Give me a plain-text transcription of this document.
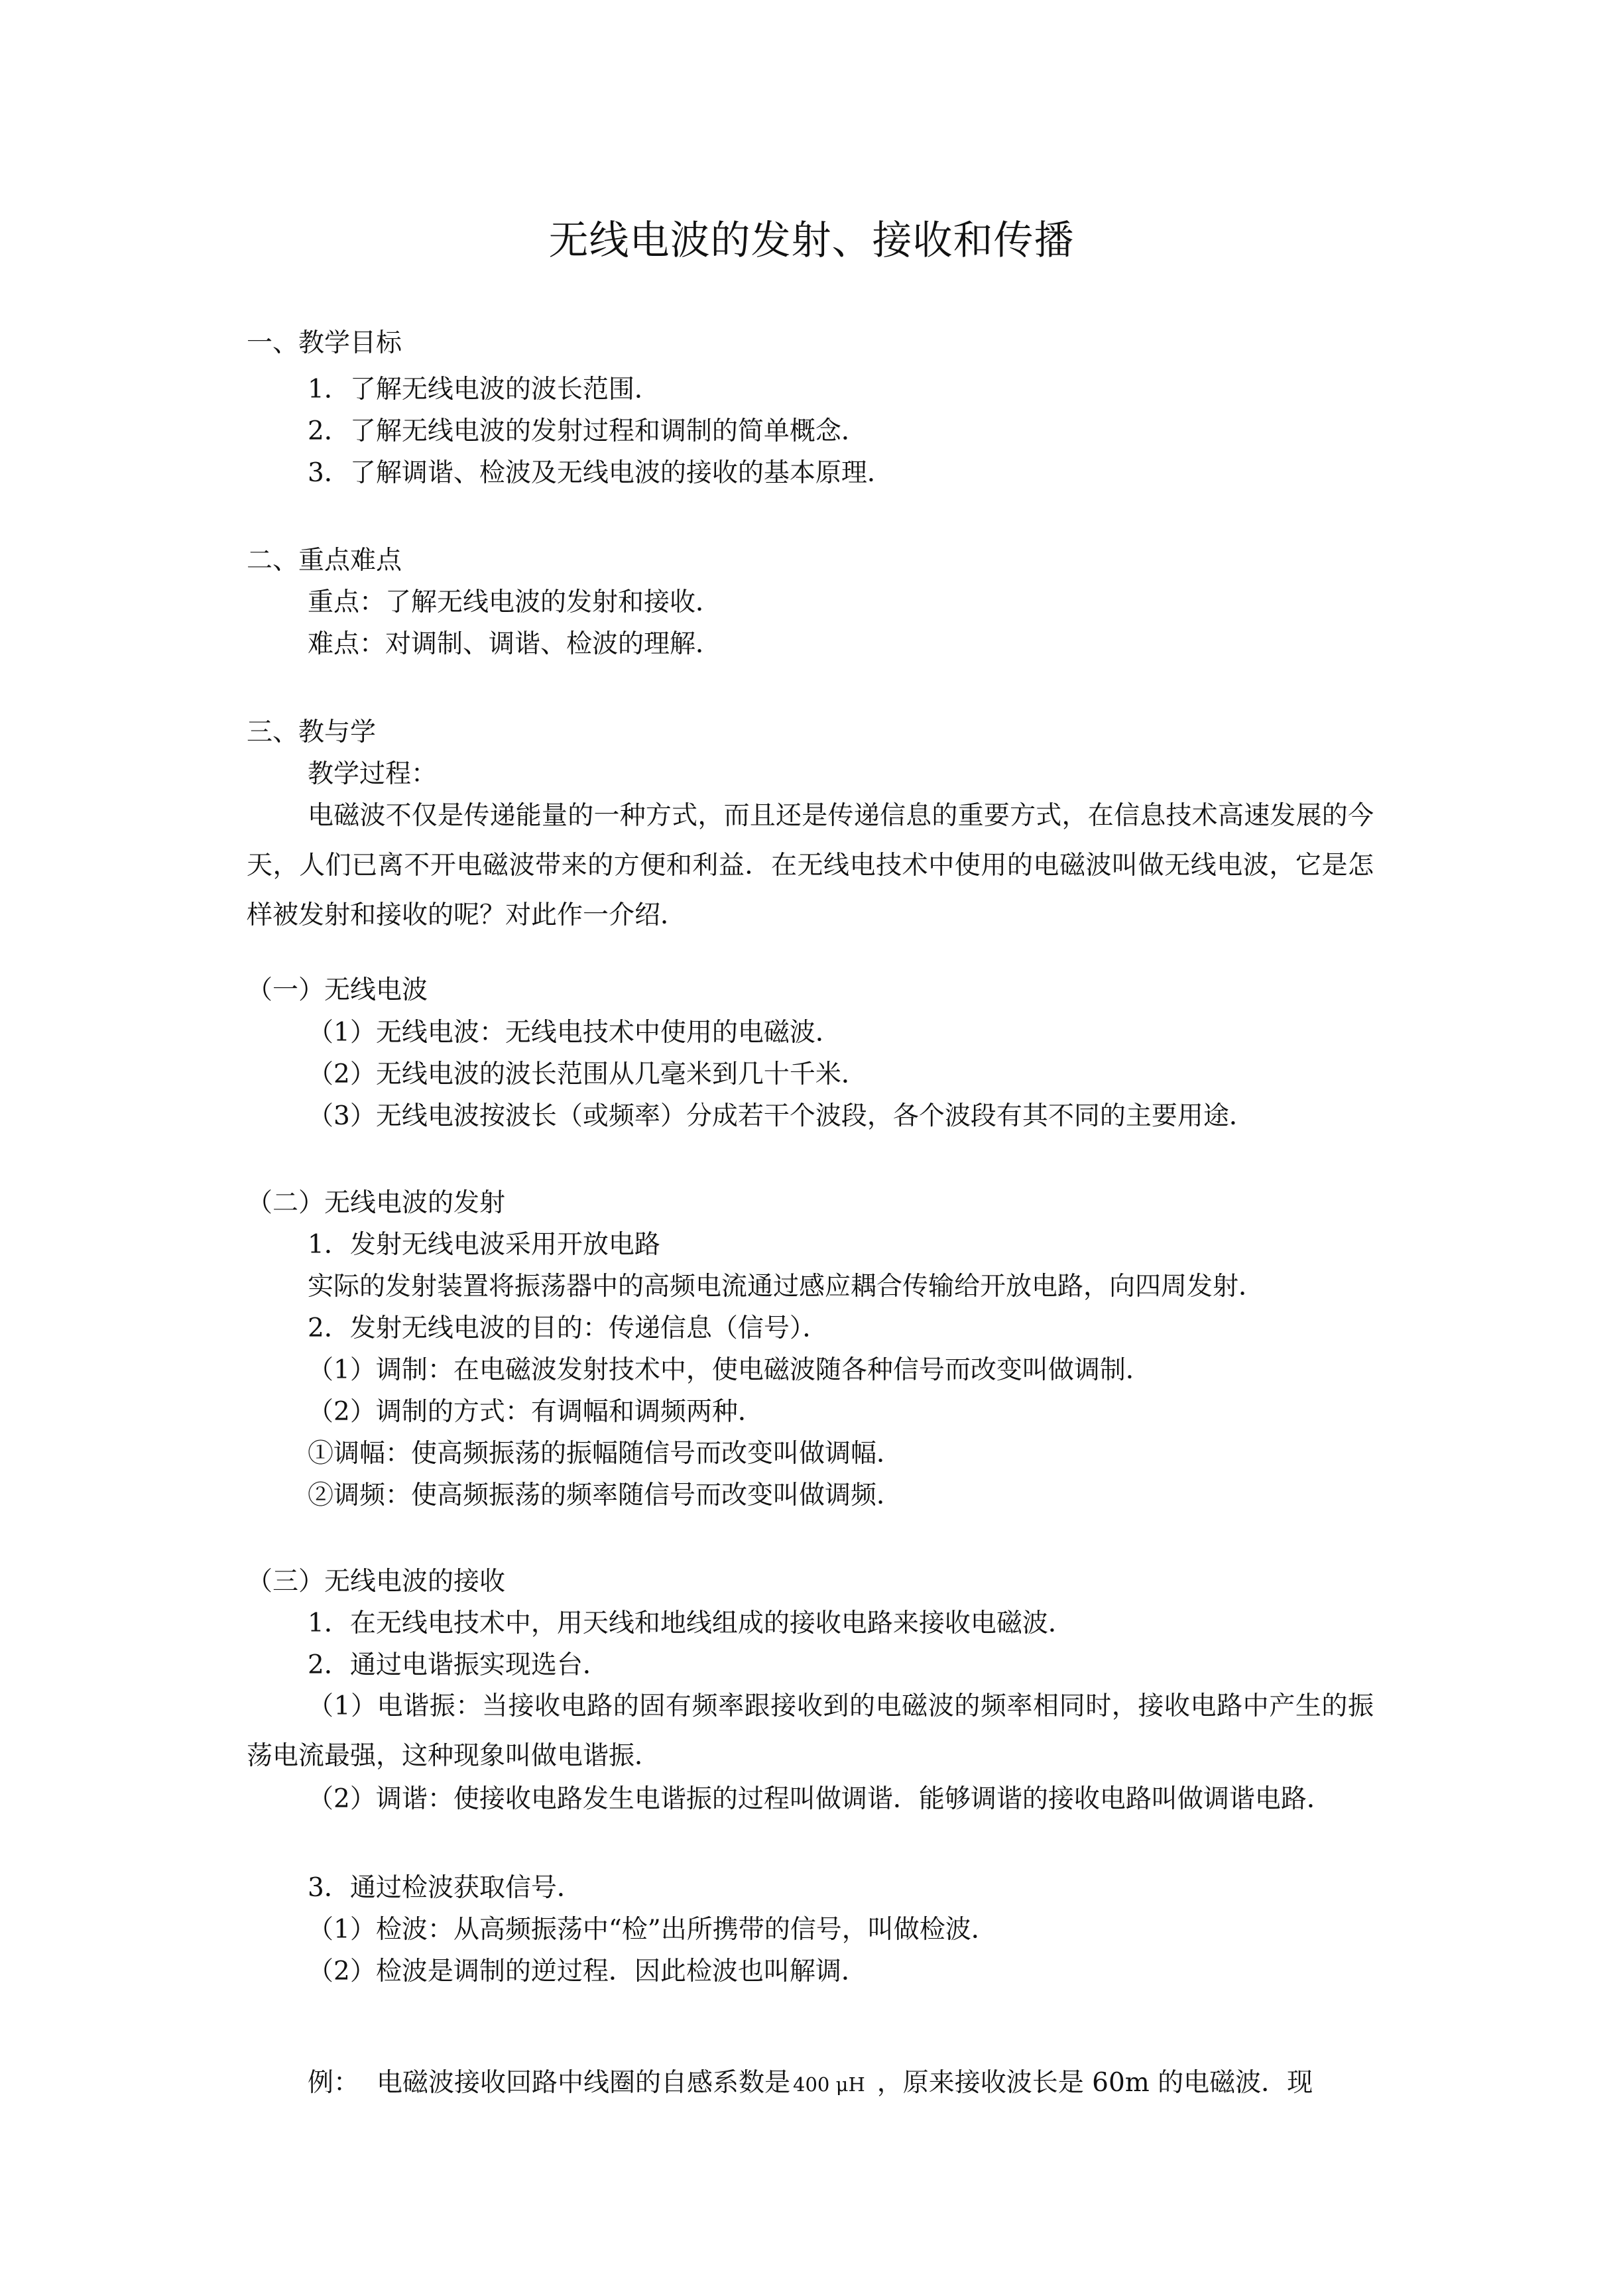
无线电波的发射、接收和传播
一、教学目标
1．了解无线电波的波长范围．
2．了解无线电波的发射过程和调制的简单概念．
3．了解调谐、检波及无线电波的接收的基本原理．
二、重点难点
重点：了解无线电波的发射和接收．
难点：对调制、调谐、检波的理解．
三、教与学
教学过程：
电磁波不仅是传递能量的一种方式，而且还是传递信息的重要方式，在信息技术高速发展的今天，人们已离不开电磁波带来的方便和利益．在无线电技术中使用的电磁波叫做无线电波，它是怎样被发射和接收的呢？对此作一介绍．
（一）无线电波
（1）无线电波：无线电技术中使用的电磁波．
（2）无线电波的波长范围从几毫米到几十千米．
（3）无线电波按波长（或频率）分成若干个波段，各个波段有其不同的主要用途．
（二）无线电波的发射
1．发射无线电波采用开放电路
实际的发射装置将振荡器中的高频电流通过感应耦合传输给开放电路，向四周发射．
2．发射无线电波的目的：传递信息（信号）．
（1）调制：在电磁波发射技术中，使电磁波随各种信号而改变叫做调制．
（2）调制的方式：有调幅和调频两种．
①调幅：使高频振荡的振幅随信号而改变叫做调幅．
②调频：使高频振荡的频率随信号而改变叫做调频．
（三）无线电波的接收
1．在无线电技术中，用天线和地线组成的接收电路来接收电磁波．
2．通过电谐振实现选台．
（1）电谐振：当接收电路的固有频率跟接收到的电磁波的频率相同时，接收电路中产生的振荡电流最强，这种现象叫做电谐振．
（2）调谐：使接收电路发生电谐振的过程叫做调谐．能够调谐的接收电路叫做调谐电路．
3．通过检波获取信号．
（1）检波：从高频振荡中“检”出所携带的信号，叫做检波．
（2）检波是调制的逆过程．因此检波也叫解调．
例： 电磁波接收回路中线圈的自感系数是 400 μH ，原来接收波长是 60m 的电磁波．现
